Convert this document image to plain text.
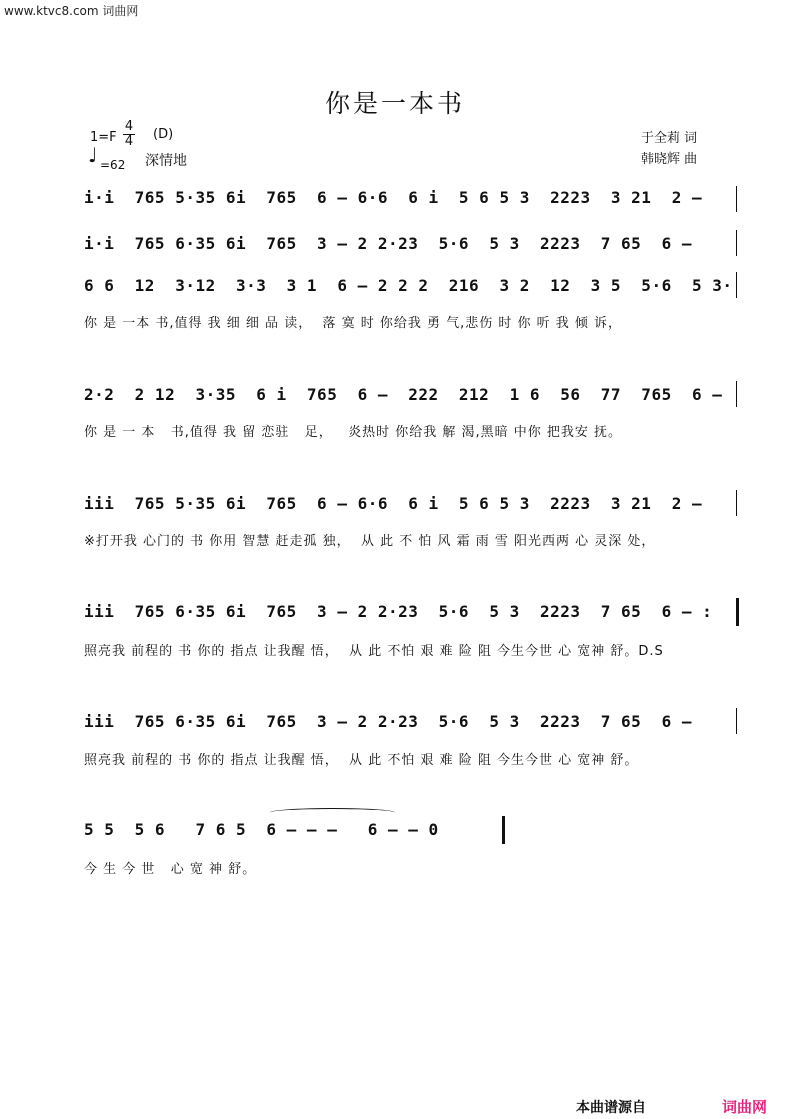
www.ktvc8.com 词曲网
你是一本书
1=F
4
4 (D)
♩ =62 深情地
于全莉 词
韩晓辉 曲
i·i  765 5·35 6i  765  6 – 6·6  6 i  5 6 5 3  2223  3 21  2 –
i·i  765 6·35 6i  765  3 – 2 2·23  5·6  5 3  2223  7 65  6 –
6 6  12  3·12  3·3  3 1  6 – 2 2 2  216  3 2  12  3 5  5·6  5 3·
你 是 一本 书,值得 我 细 细 品 读，  落 寞 时 你给我 勇 气,悲伤 时 你 听 我 倾 诉，
2·2  2 12  3·35  6 i  765  6 –  222  212  1 6  56  77  765  6 –
你 是 一 本   书,值得 我 留 恋驻   足，   炎热时 你给我 解 渴,黑暗 中你 把我安 抚。
iii  765 5·35 6i  765  6 – 6·6  6 i  5 6 5 3  2223  3 21  2 –
※打开我 心门的 书 你用 智慧 赶走孤 独，  从 此 不 怕 风 霜 雨 雪 阳光西两 心 灵深 处，
iii  765 6·35 6i  765  3 – 2 2·23  5·6  5 3  2223  7 65  6 – :
照亮我 前程的 书 你的 指点 让我醒 悟，  从 此 不怕 艰 难 险 阻 今生今世 心 宽神 舒。D.S
iii  765 6·35 6i  765  3 – 2 2·23  5·6  5 3  2223  7 65  6 –
照亮我 前程的 书 你的 指点 让我醒 悟，  从 此 不怕 艰 难 险 阻 今生今世 心 宽神 舒。
5 5  5 6   7 6 5  6 – – –   6 – – 0
今 生 今 世   心 宽 神 舒。
本曲谱源自	词曲网
